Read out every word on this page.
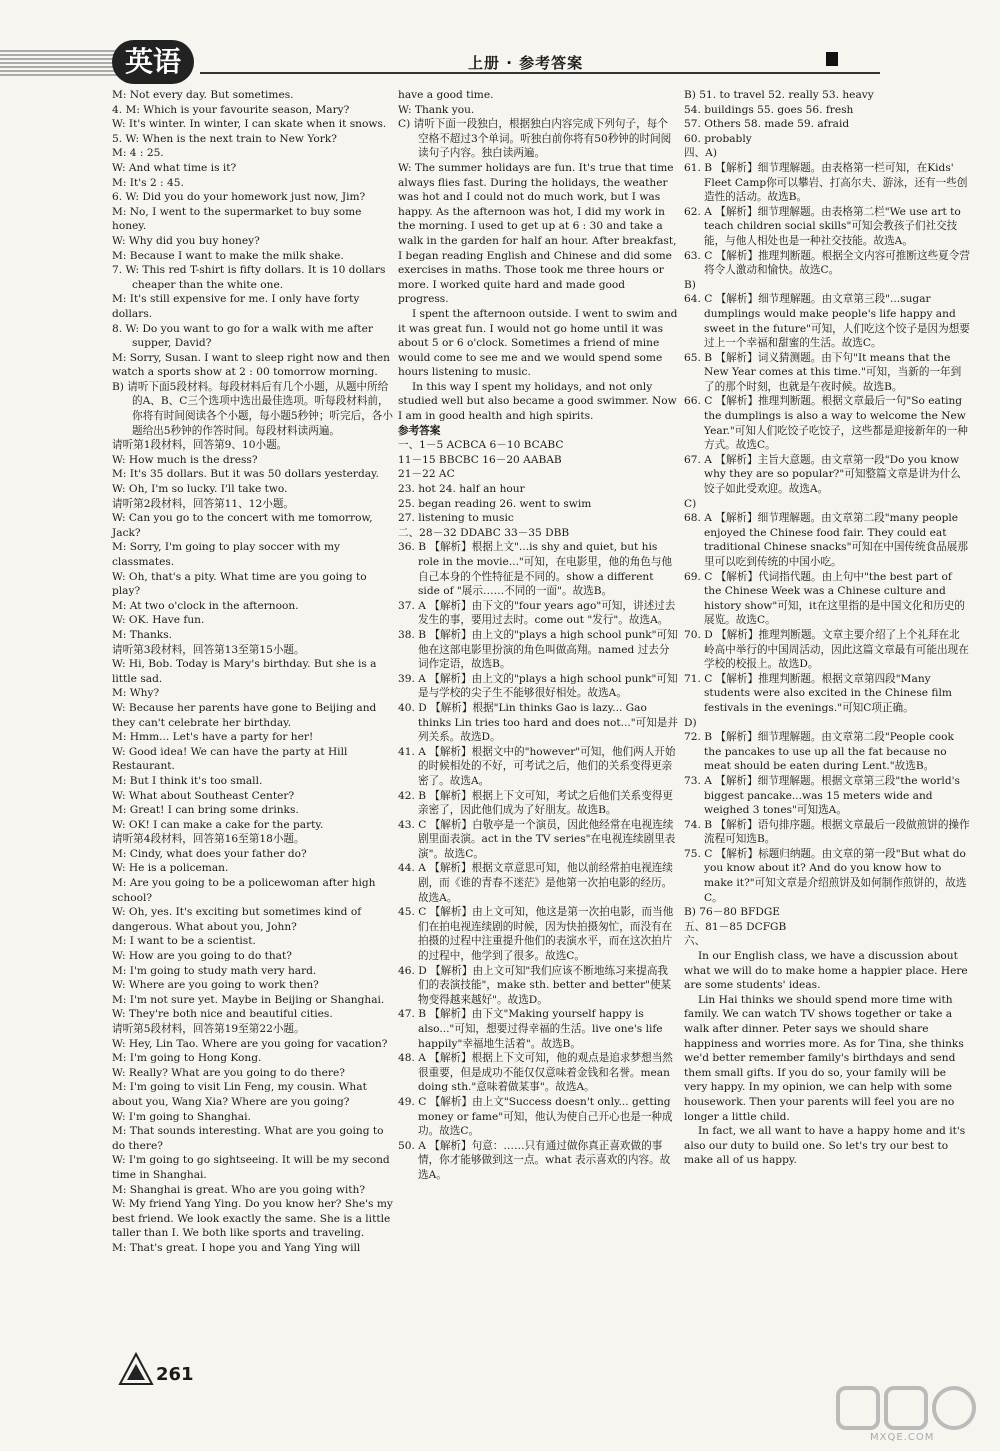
英语	上册 · 参考答案
M: Not every day. But sometimes.
4. M: Which is your favourite season, Mary?
W: It's winter. In winter, I can skate when it snows.
5. W: When is the next train to New York?
M: 4 : 25.
W: And what time is it?
M: It's 2 : 45.
6. W: Did you do your homework just now, Jim?
M: No, I went to the supermarket to buy some honey.
W: Why did you buy honey?
M: Because I want to make the milk shake.
7. W: This red T-shirt is fifty dollars. It is 10 dollars cheaper than the white one.
M: It's still expensive for me. I only have forty dollars.
8. W: Do you want to go for a walk with me after supper, David?
M: Sorry, Susan. I want to sleep right now and then watch a sports show at 2 : 00 tomorrow morning.
B) 请听下面5段材料。每段材料后有几个小题，从题中所给的A、B、C三个选项中选出最佳选项。听每段材料前，你将有时间阅读各个小题，每小题5秒钟；听完后，各小题给出5秒钟的作答时间。每段材料读两遍。
请听第1段材料，回答第9、10小题。
W: How much is the dress?
M: It's 35 dollars. But it was 50 dollars yesterday.
W: Oh, I'm so lucky. I'll take two.
请听第2段材料，回答第11、12小题。
W: Can you go to the concert with me tomorrow, Jack?
M: Sorry, I'm going to play soccer with my classmates.
W: Oh, that's a pity. What time are you going to play?
M: At two o'clock in the afternoon.
W: OK. Have fun.
M: Thanks.
请听第3段材料，回答第13至第15小题。
W: Hi, Bob. Today is Mary's birthday. But she is a little sad.
M: Why?
W: Because her parents have gone to Beijing and they can't celebrate her birthday.
M: Hmm... Let's have a party for her!
W: Good idea! We can have the party at Hill Restaurant.
M: But I think it's too small.
W: What about Southeast Center?
M: Great! I can bring some drinks.
W: OK! I can make a cake for the party.
请听第4段材料，回答第16至第18小题。
M: Cindy, what does your father do?
W: He is a policeman.
M: Are you going to be a policewoman after high school?
W: Oh, yes. It's exciting but sometimes kind of dangerous. What about you, John?
M: I want to be a scientist.
W: How are you going to do that?
M: I'm going to study math very hard.
W: Where are you going to work then?
M: I'm not sure yet. Maybe in Beijing or Shanghai.
W: They're both nice and beautiful cities.
请听第5段材料，回答第19至第22小题。
W: Hey, Lin Tao. Where are you going for vacation?
M: I'm going to Hong Kong.
W: Really? What are you going to do there?
M: I'm going to visit Lin Feng, my cousin. What about you, Wang Xia? Where are you going?
W: I'm going to Shanghai.
M: That sounds interesting. What are you going to do there?
W: I'm going to go sightseeing. It will be my second time in Shanghai.
M: Shanghai is great. Who are you going with?
W: My friend Yang Ying. Do you know her? She's my best friend. We look exactly the same. She is a little taller than I. We both like sports and traveling.
M: That's great. I hope you and Yang Ying will
have a good time.
W: Thank you.
C) 请听下面一段独白，根据独白内容完成下列句子，每个空格不超过3个单词。听独白前你将有50秒钟的时间阅读句子内容。独白读两遍。
W: The summer holidays are fun. It's true that time always flies fast. During the holidays, the weather was hot and I could not do much work, but I was happy. As the afternoon was hot, I did my work in the morning. I used to get up at 6 : 30 and take a walk in the garden for half an hour. After breakfast, I began reading English and Chinese and did some exercises in maths. Those took me three hours or more. I worked quite hard and made good progress.
I spent the afternoon outside. I went to swim and it was great fun. I would not go home until it was about 5 or 6 o'clock. Sometimes a friend of mine would come to see me and we would spend some hours listening to music.
In this way I spent my holidays, and not only studied well but also became a good swimmer. Now I am in good health and high spirits.
参考答案
一、1－5 ACBCA 6－10 BCABC
11－15 BBCBC 16－20 AABAB
21－22 AC
23. hot 24. half an hour
25. began reading 26. went to swim
27. listening to music
二、28－32 DDABC 33－35 DBB
36. B 【解析】根据上文"...is shy and quiet, but his role in the movie..."可知，在电影里，他的角色与他自己本身的个性特征是不同的。show a different side of "展示……不同的一面"。故选B。
37. A 【解析】由下文的"four years ago"可知，讲述过去发生的事，要用过去时。come out "发行"。故选A。
38. B 【解析】由上文的"plays a high school punk"可知他在这部电影里扮演的角色叫做高翔。named 过去分词作定语，故选B。
39. A 【解析】由上文的"plays a high school punk"可知是与学校的尖子生不能够很好相处。故选A。
40. D 【解析】根据"Lin thinks Gao is lazy... Gao thinks Lin tries too hard and does not..."可知是并列关系。故选D。
41. A 【解析】根据文中的"however"可知，他们两人开始的时候相处的不好，可考试之后，他们的关系变得更亲密了。故选A。
42. B 【解析】根据上下文可知，考试之后他们关系变得更亲密了，因此他们成为了好朋友。故选B。
43. C 【解析】白敬亭是一个演员，因此他经常在电视连续剧里面表演。act in the TV series"在电视连续剧里表演"。故选C。
44. A 【解析】根据文章意思可知，他以前经常拍电视连续剧，而《谁的青春不迷茫》是他第一次拍电影的经历。故选A。
45. C 【解析】由上文可知，他这是第一次拍电影，而当他们在拍电视连续剧的时候，因为快拍摄匆忙，而没有在拍摄的过程中注重提升他们的表演水平，而在这次拍片的过程中，他学到了很多。故选C。
46. D 【解析】由上文可知"我们应该不断地练习来提高我们的表演技能"，make sth. better and better"使某物变得越来越好"。故选D。
47. B 【解析】由下文"Making yourself happy is also..."可知，想要过得幸福的生活。live one's life happily"幸福地生活着"。故选B。
48. A 【解析】根据上下文可知，他的观点是追求梦想当然很重要，但是成功不能仅仅意味着金钱和名誉。mean doing sth."意味着做某事"。故选A。
49. C 【解析】由上文"Success doesn't only... getting money or fame"可知，他认为使自己开心也是一种成功。故选C。
50. A 【解析】句意：……只有通过做你真正喜欢做的事情，你才能够做到这一点。what 表示喜欢的内容。故选A。
B) 51. to travel 52. really 53. heavy
54. buildings 55. goes 56. fresh
57. Others 58. made 59. afraid
60. probably
四、A)
61. B 【解析】细节理解题。由表格第一栏可知，在Kids' Fleet Camp你可以攀岩、打高尔夫、游泳，还有一些创造性的活动。故选B。
62. A 【解析】细节理解题。由表格第二栏"We use art to teach children social skills"可知会教孩子们社交技能，与他人相处也是一种社交技能。故选A。
63. C 【解析】推理判断题。根据全文内容可推断这些夏令营将令人激动和愉快。故选C。
B)
64. C 【解析】细节理解题。由文章第三段"...sugar dumplings would make people's life happy and sweet in the future"可知，人们吃这个饺子是因为想要过上一个幸福和甜蜜的生活。故选C。
65. B 【解析】词义猜测题。由下句"It means that the New Year comes at this time."可知，当新的一年到了的那个时刻，也就是午夜时候。故选B。
66. C 【解析】推理判断题。根据文章最后一句"So eating the dumplings is also a way to welcome the New Year."可知人们吃饺子吃饺子，这些都是迎接新年的一种方式。故选C。
67. A 【解析】主旨大意题。由文章第一段"Do you know why they are so popular?"可知整篇文章是讲为什么饺子如此受欢迎。故选A。
C)
68. A 【解析】细节理解题。由文章第二段"many people enjoyed the Chinese food fair. They could eat traditional Chinese snacks"可知在中国传统食品展那里可以吃到传统的中国小吃。
69. C 【解析】代词指代题。由上句中"the best part of the Chinese Week was a Chinese culture and history show"可知，it在这里指的是中国文化和历史的展览。故选C。
70. D 【解析】推理判断题。文章主要介绍了上个礼拜在北岭高中举行的中国周活动，因此这篇文章最有可能出现在学校的校报上。故选D。
71. C 【解析】推理判断题。根据文章第四段"Many students were also excited in the Chinese film festivals in the evenings."可知C项正确。
D)
72. B 【解析】细节理解题。由文章第二段"People cook the pancakes to use up all the fat because no meat should be eaten during Lent."故选B。
73. A 【解析】细节理解题。根据文章第三段"the world's biggest pancake...was 15 meters wide and weighed 3 tones"可知选A。
74. B 【解析】语句排序题。根据文章最后一段做煎饼的操作流程可知选B。
75. C 【解析】标题归纳题。由文章的第一段"But what do you know about it? And do you know how to make it?"可知文章是介绍煎饼及如何制作煎饼的，故选C。
B) 76－80 BFDGE
五、81－85 DCFGB
六、
In our English class, we have a discussion about what we will do to make home a happier place. Here are some students' ideas.
Lin Hai thinks we should spend more time with family. We can watch TV shows together or take a walk after dinner. Peter says we should share happiness and worries more. As for Tina, she thinks we'd better remember family's birthdays and send them small gifts. If you do so, your family will be very happy. In my opinion, we can help with some housework. Then your parents will feel you are no longer a little child.
In fact, we all want to have a happy home and it's also our duty to build one. So let's try our best to make all of us happy.
261
MXQE.COM
